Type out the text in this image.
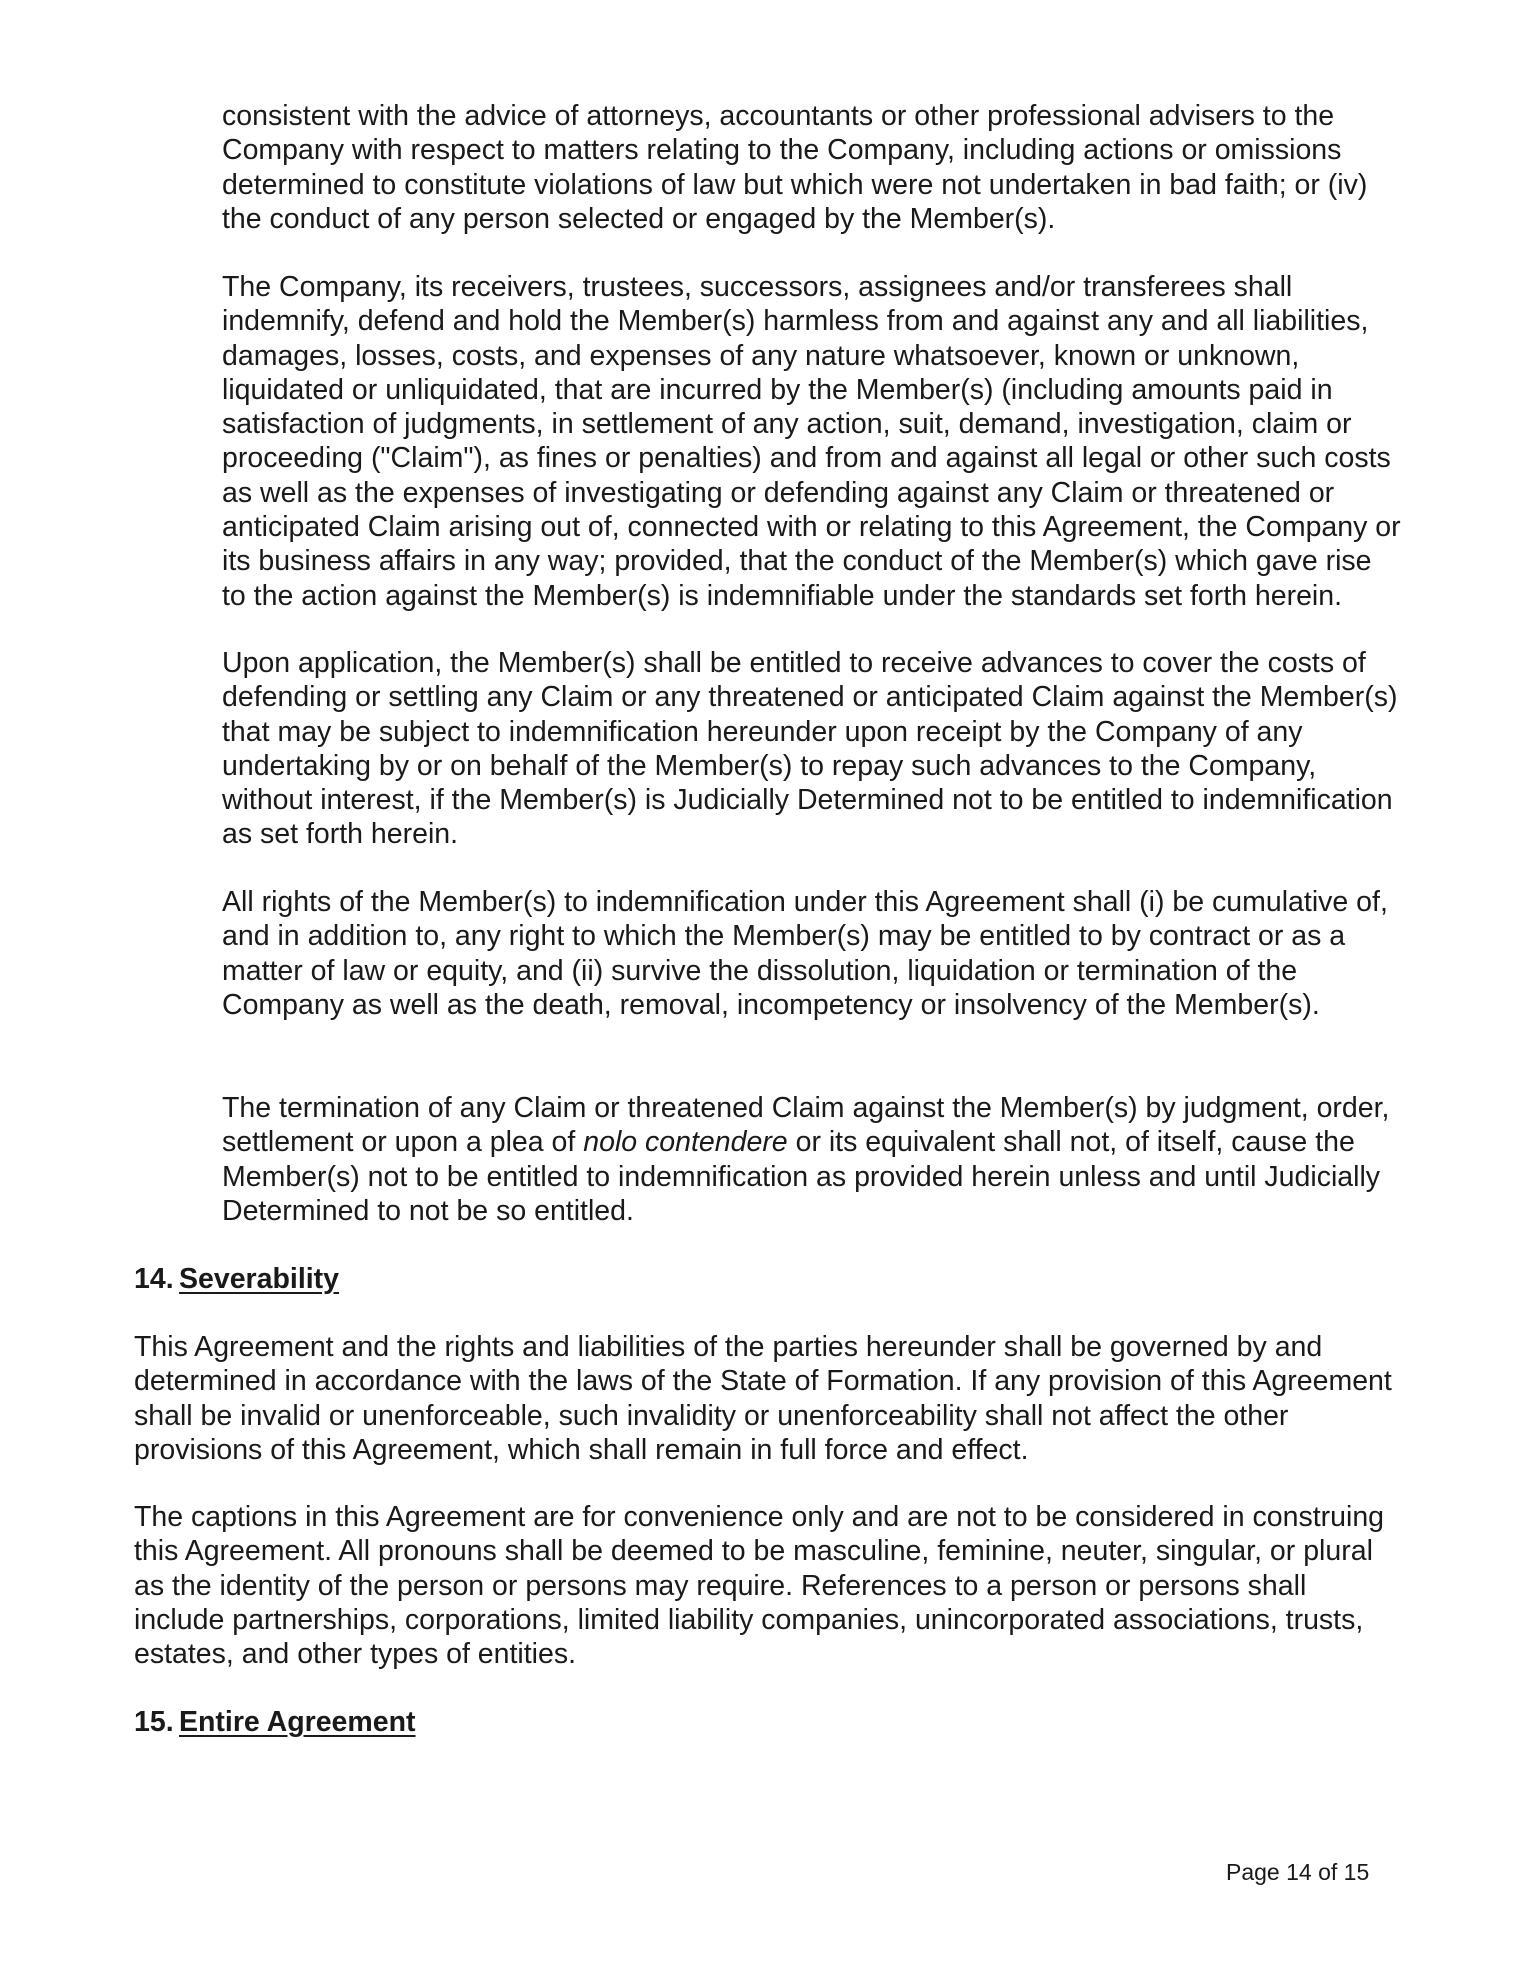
consistent with the advice of attorneys, accountants or other professional advisers to the Company with respect to matters relating to the Company, including actions or omissions determined to constitute violations of law but which were not undertaken in bad faith; or (iv) the conduct of any person selected or engaged by the Member(s).

The Company, its receivers, trustees, successors, assignees and/or transferees shall indemnify, defend and hold the Member(s) harmless from and against any and all liabilities, damages, losses, costs, and expenses of any nature whatsoever, known or unknown, liquidated or unliquidated, that are incurred by the Member(s) (including amounts paid in satisfaction of judgments, in settlement of any action, suit, demand, investigation, claim or proceeding ("Claim"), as fines or penalties) and from and against all legal or other such costs as well as the expenses of investigating or defending against any Claim or threatened or anticipated Claim arising out of, connected with or relating to this Agreement, the Company or its business affairs in any way; provided, that the conduct of the Member(s) which gave rise to the action against the Member(s) is indemnifiable under the standards set forth herein.

Upon application, the Member(s) shall be entitled to receive advances to cover the costs of defending or settling any Claim or any threatened or anticipated Claim against the Member(s) that may be subject to indemnification hereunder upon receipt by the Company of any undertaking by or on behalf of the Member(s) to repay such advances to the Company, without interest, if the Member(s) is Judicially Determined not to be entitled to indemnification as set forth herein.

All rights of the Member(s) to indemnification under this Agreement shall (i) be cumulative of, and in addition to, any right to which the Member(s) may be entitled to by contract or as a matter of law or equity, and (ii) survive the dissolution, liquidation or termination of the Company as well as the death, removal, incompetency or insolvency of the Member(s).

The termination of any Claim or threatened Claim against the Member(s) by judgment, order, settlement or upon a plea of nolo contendere or its equivalent shall not, of itself, cause the Member(s) not to be entitled to indemnification as provided herein unless and until Judicially Determined to not be so entitled.

14. Severability

This Agreement and the rights and liabilities of the parties hereunder shall be governed by and determined in accordance with the laws of the State of Formation. If any provision of this Agreement shall be invalid or unenforceable, such invalidity or unenforceability shall not affect the other provisions of this Agreement, which shall remain in full force and effect.

The captions in this Agreement are for convenience only and are not to be considered in construing this Agreement. All pronouns shall be deemed to be masculine, feminine, neuter, singular, or plural as the identity of the person or persons may require. References to a person or persons shall include partnerships, corporations, limited liability companies, unincorporated associations, trusts, estates, and other types of entities.

15. Entire Agreement
Page 14 of 15
